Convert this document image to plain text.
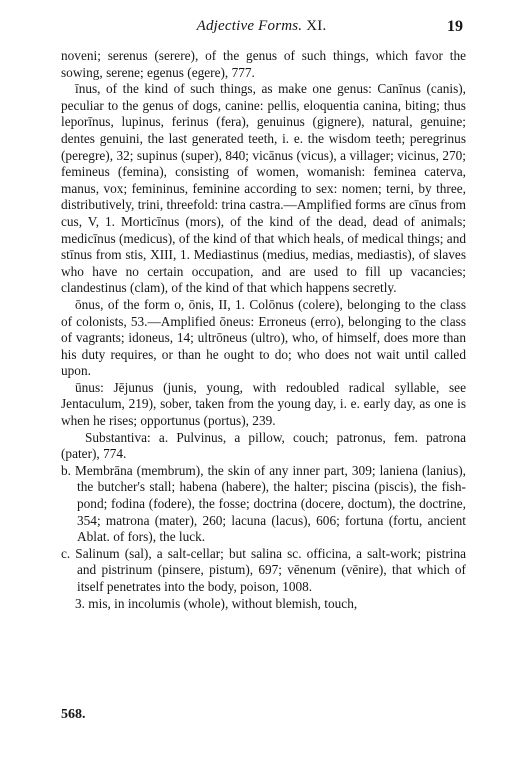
Adjective Forms. XI.	19

noveni; serenus (serere), of the genus of such things, which favor the sowing, serene; egenus (egere), 777.

īnus, of the kind of such things, as make one genus: Canīnus (canis), peculiar to the genus of dogs, canine: pellis, eloquentia canina, biting; thus leporīnus, lupinus, ferinus (fera), genuinus (gignere), natural, genuine; dentes genuini, the last generated teeth, i. e. the wisdom teeth; peregrinus (peregre), 32; supinus (super), 840; vicānus (vicus), a villager; vicinus, 270; femineus (femina), consisting of women, womanish: feminea caterva, manus, vox; femininus, feminine according to sex: nomen; terni, by three, distributively, trini, threefold: trina castra.—Amplified forms are cīnus from cus, V, 1. Morticīnus (mors), of the kind of the dead, dead of animals; medicīnus (medicus), of the kind of that which heals, of medical things; and stīnus from stis, XIII, 1. Mediastinus (medius, medias, mediastis), of slaves who have no certain occupation, and are used to fill up vacancies; clandestinus (clam), of the kind of that which happens secretly.

ōnus, of the form o, ōnis, II, 1. Colōnus (colere), belonging to the class of colonists, 53.—Amplified ōneus: Erroneus (erro), belonging to the class of vagrants; idoneus, 14; ultrōneus (ultro), who, of himself, does more than his duty requires, or than he ought to do; who does not wait until called upon.

ūnus: Jējunus (junis, young, with redoubled radical syllable, see Jentaculum, 219), sober, taken from the young day, i. e. early day, as one is when he rises; opportunus (portus), 239.

Substantiva: a. Pulvinus, a pillow, couch; patronus, fem. patrona (pater), 774.

b. Membrāna (membrum), the skin of any inner part, 309; laniena (lanius), the butcher's stall; habena (habere), the halter; piscina (piscis), the fish-pond; fodina (fodere), the fosse; doctrina (docere, doctum), the doctrine, 354; matrona (mater), 260; lacuna (lacus), 606; fortuna (fortu, ancient Ablat. of fors), the luck.

c. Salinum (sal), a salt-cellar; but salina sc. officina, a salt-work; pistrina and pistrinum (pinsere, pistum), 697; vēnenum (vēnire), that which of itself penetrates into the body, poison, 1008.

3. mis, in incolumis (whole), without blemish, touch,

568.
